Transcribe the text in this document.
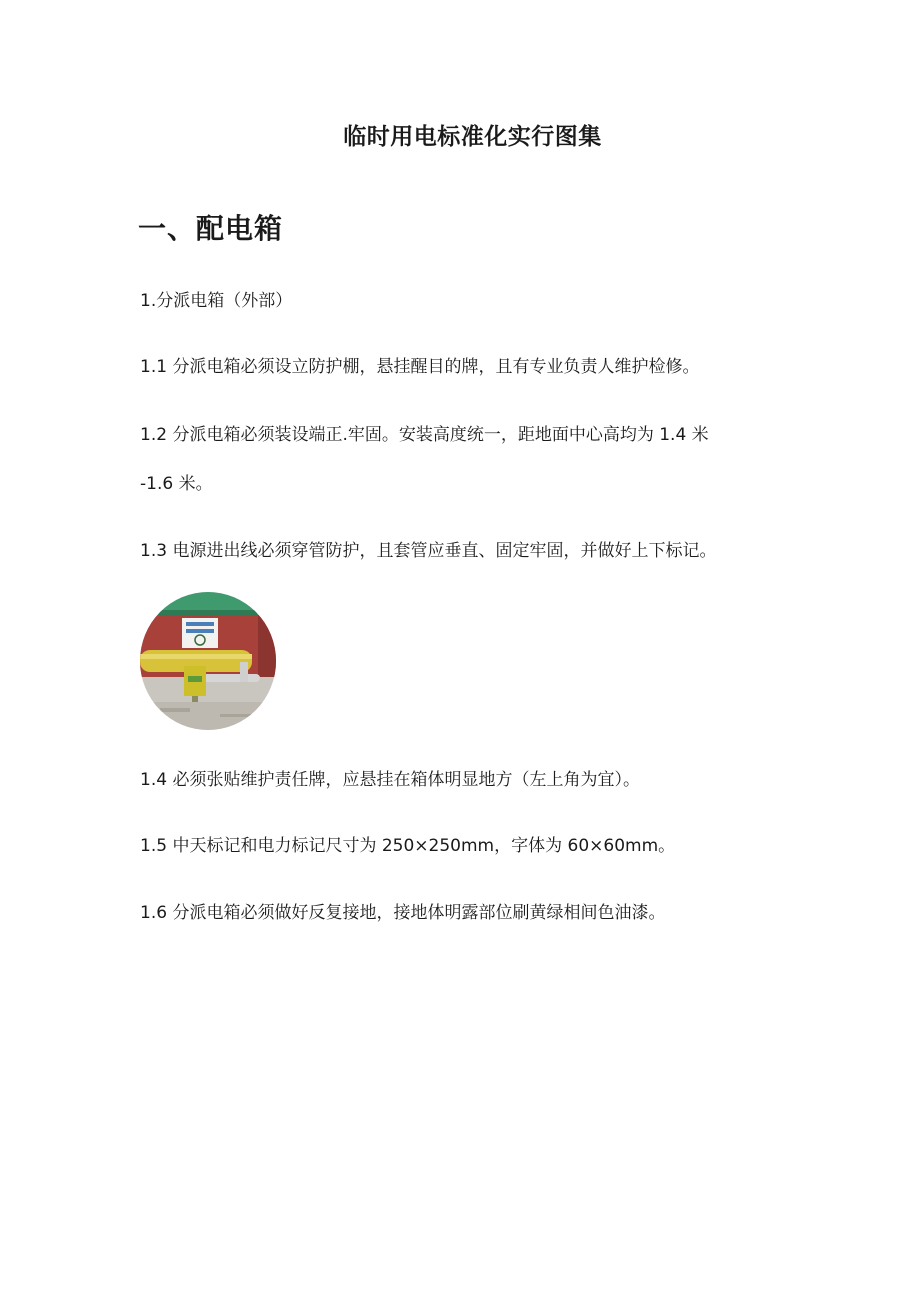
临时用电标准化实行图集
一、配电箱
1.分派电箱（外部）
1.1 分派电箱必须设立防护棚，悬挂醒目的牌，且有专业负责人维护检修。
1.2 分派电箱必须装设端正.牢固。安装高度统一，距地面中心高均为 1.4 米
-1.6 米。
1.3 电源进出线必须穿管防护，且套管应垂直、固定牢固，并做好上下标记。
1.4 必须张贴维护责任牌，应悬挂在箱体明显地方（左上角为宜）。
1.5 中天标记和电力标记尺寸为 250×250mm，字体为 60×60mm。
1.6 分派电箱必须做好反复接地，接地体明露部位刷黄绿相间色油漆。
